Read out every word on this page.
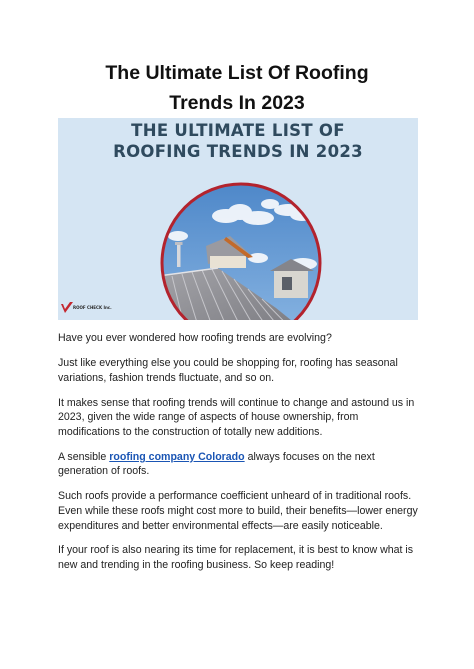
The Ultimate List Of Roofing
Trends In 2023
THE ULTIMATE LIST OF
ROOFING TRENDS IN 2023
ROOF CHECK Inc.

Have you ever wondered how roofing trends are evolving?

Just like everything else you could be shopping for, roofing has seasonal variations, fashion trends fluctuate, and so on.

It makes sense that roofing trends will continue to change and astound us in 2023, given the wide range of aspects of house ownership, from modifications to the construction of totally new additions.

A sensible roofing company Colorado always focuses on the next generation of roofs.

Such roofs provide a performance coefficient unheard of in traditional roofs. Even while these roofs might cost more to build, their benefits—lower energy expenditures and better environmental effects—are easily noticeable.

If your roof is also nearing its time for replacement, it is best to know what is new and trending in the roofing business. So keep reading!
